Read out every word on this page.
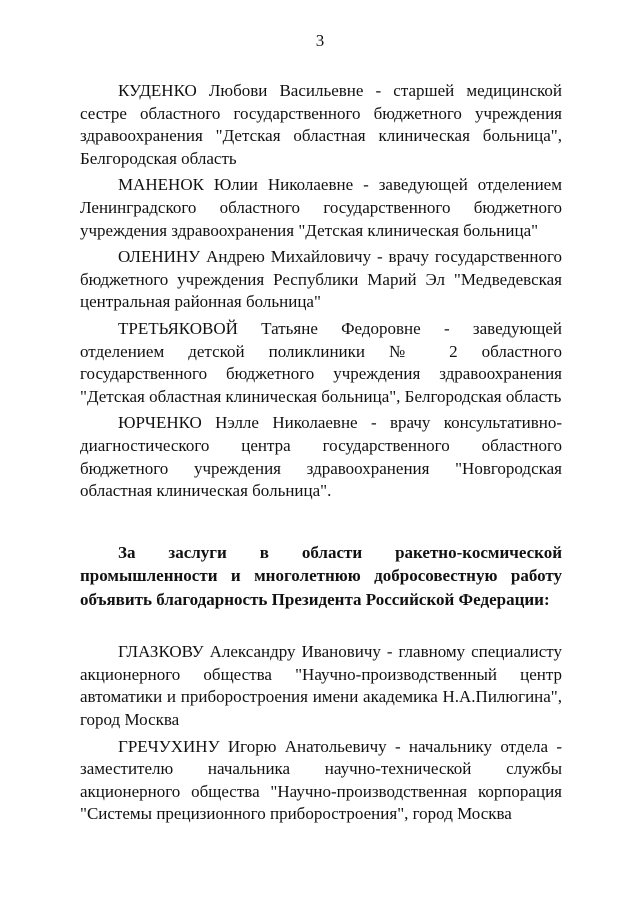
3

КУДЕНКО Любови Васильевне - старшей медицинской сестре областного государственного бюджетного учреждения здравоохранения "Детская областная клиническая больница", Белгородская область

МАНЕНОК Юлии Николаевне - заведующей отделением Ленинградского областного государственного бюджетного учреждения здравоохранения "Детская клиническая больница"

ОЛЕНИНУ Андрею Михайловичу - врачу государственного бюджетного учреждения Республики Марий Эл "Медведевская центральная районная больница"

ТРЕТЬЯКОВОЙ Татьяне Федоровне - заведующей отделением детской поликлиники № 2 областного государственного бюджетного учреждения здравоохранения "Детская областная клиническая больница", Белгородская область

ЮРЧЕНКО Нэлле Николаевне - врачу консультативно-диагностического центра государственного областного бюджетного учреждения здравоохранения "Новгородская областная клиническая больница".

За заслуги в области ракетно-космической промышленности и многолетнюю добросовестную работу объявить благодарность Президента Российской Федерации:

ГЛАЗКОВУ Александру Ивановичу - главному специалисту акционерного общества "Научно-производственный центр автоматики и приборостроения имени академика Н.А.Пилюгина", город Москва

ГРЕЧУХИНУ Игорю Анатольевичу - начальнику отдела - заместителю начальника научно-технической службы акционерного общества "Научно-производственная корпорация "Системы прецизионного приборостроения", город Москва
